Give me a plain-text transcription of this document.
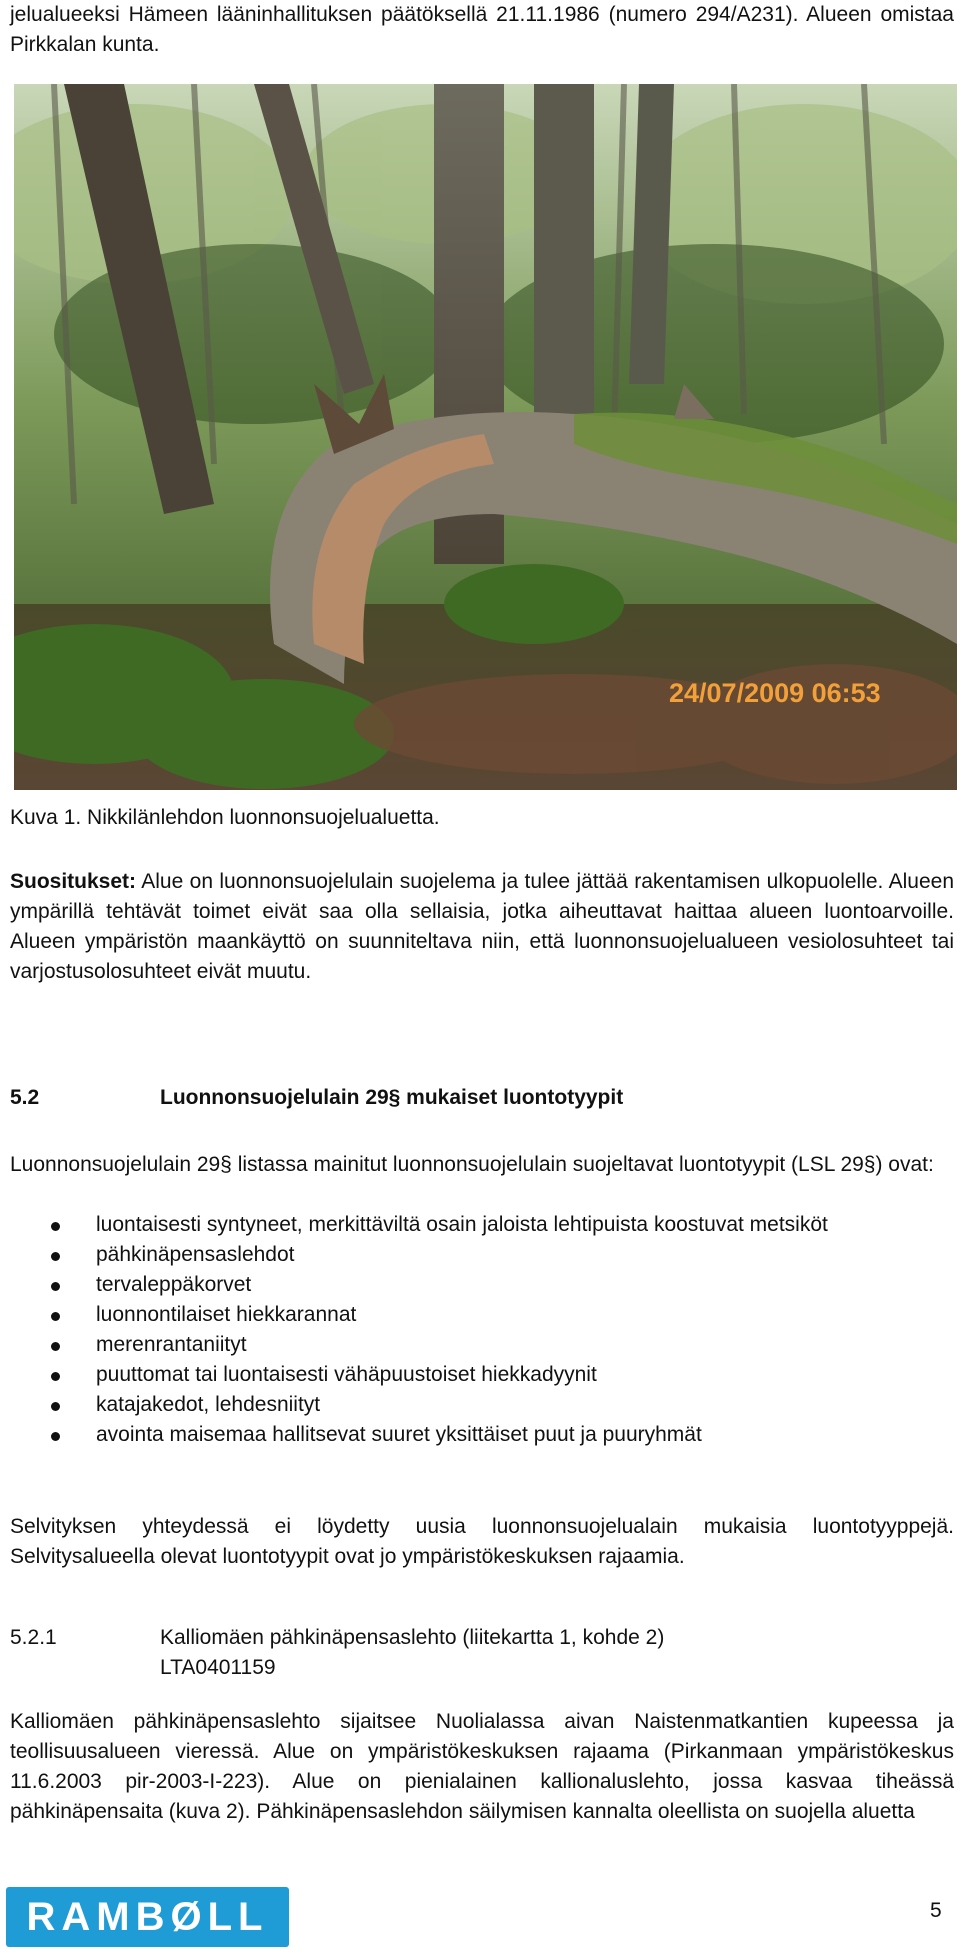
jelualueeksi Hämeen lääninhallituksen päätöksellä 21.11.1986 (numero 294/A231). Alueen omistaa Pirkkalan kunta.
24/07/2009 06:53
Kuva 1. Nikkilänlehdon luonnonsuojelualuetta.
Suositukset: Alue on luonnonsuojelulain suojelema ja tulee jättää rakentamisen ulkopuolelle. Alueen ympärillä tehtävät toimet eivät saa olla sellaisia, jotka aiheuttavat haittaa alueen luontoarvoille. Alueen ympäristön maankäyttö on suunniteltava niin, että luonnonsuojelualueen vesiolosuhteet tai varjostusolosuhteet eivät muutu.
5.2	Luonnonsuojelulain 29§ mukaiset luontotyypit
Luonnonsuojelulain 29§ listassa mainitut luonnonsuojelulain suojeltavat luontotyypit (LSL 29§) ovat:
luontaisesti syntyneet, merkittäviltä osain jaloista lehtipuista koostuvat metsiköt
pähkinäpensaslehdot
tervaleppäkorvet
luonnontilaiset hiekkarannat
merenrantaniityt
puuttomat tai luontaisesti vähäpuustoiset hiekkadyynit
katajakedot, lehdesniityt
avointa maisemaa hallitsevat suuret yksittäiset puut ja puuryhmät
Selvityksen yhteydessä ei löydetty uusia luonnonsuojelualain mukaisia luontotyyppejä. Selvitysalueella olevat luontotyypit ovat jo ympäristökeskuksen rajaamia.
5.2.1	Kalliomäen pähkinäpensaslehto (liitekartta 1, kohde 2)
LTA0401159
Kalliomäen pähkinäpensaslehto sijaitsee Nuolialassa aivan Naistenmatkantien kupeessa ja teollisuusalueen vieressä. Alue on ympäristökeskuksen rajaama (Pirkanmaan ympäristökeskus 11.6.2003 pir-2003-I-223). Alue on pienialainen kallionaluslehto, jossa kasvaa tiheässä pähkinäpensaita (kuva 2). Pähkinäpensaslehdon säilymisen kannalta oleellista on suojella aluetta
RAMBØLL	5
